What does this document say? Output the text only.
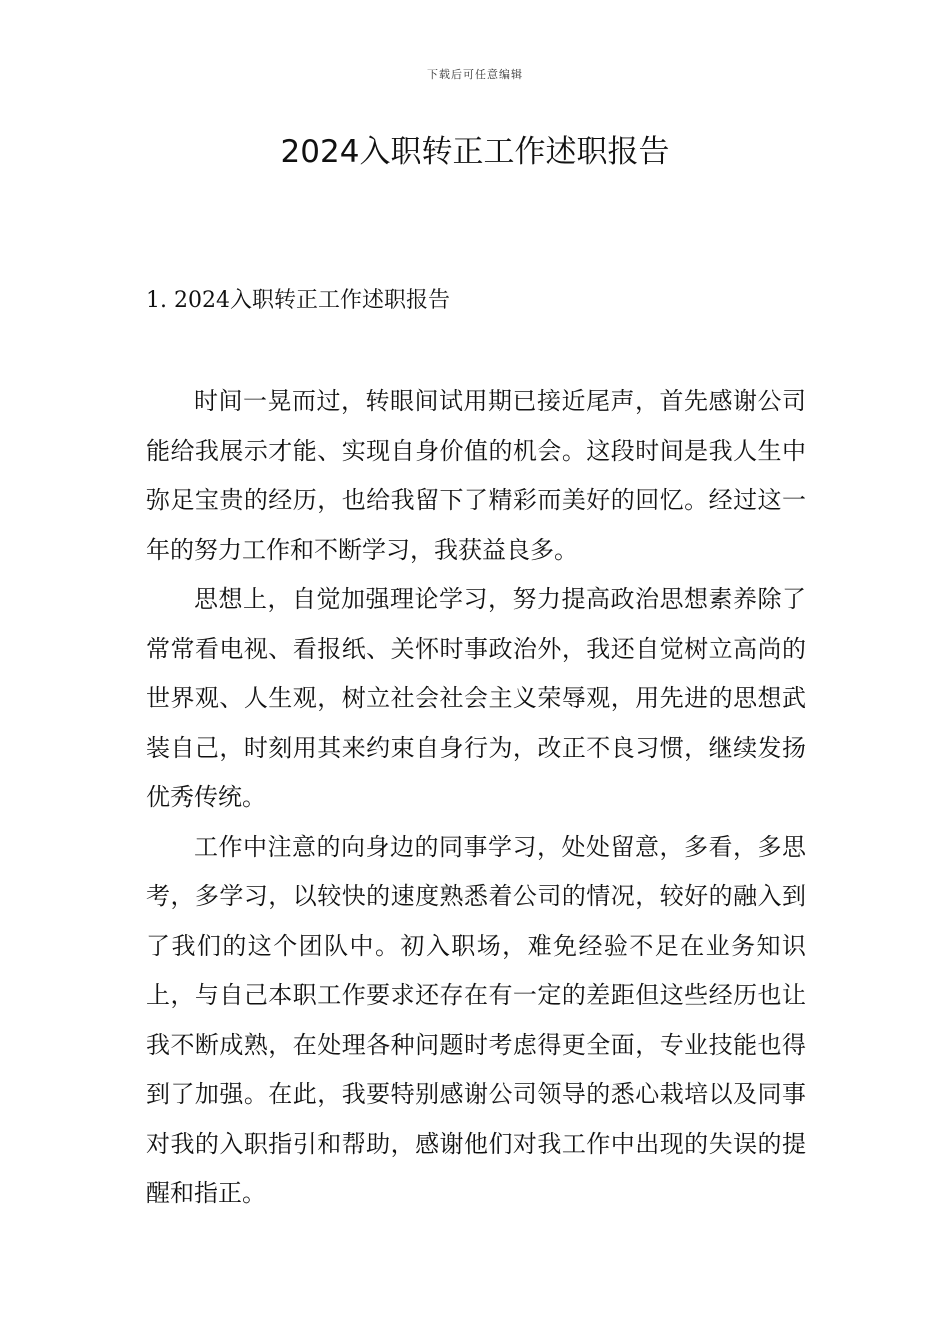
下载后可任意编辑
2024入职转正工作述职报告
1. 2024入职转正工作述职报告

时间一晃而过，转眼间试用期已接近尾声，首先感谢公司能给我展示才能、实现自身价值的机会。这段时间是我人生中弥足宝贵的经历，也给我留下了精彩而美好的回忆。经过这一年的努力工作和不断学习，我获益良多。

思想上，自觉加强理论学习，努力提高政治思想素养除了常常看电视、看报纸、关怀时事政治外，我还自觉树立高尚的世界观、人生观，树立社会社会主义荣辱观，用先进的思想武装自己，时刻用其来约束自身行为，改正不良习惯，继续发扬优秀传统。

工作中注意的向身边的同事学习，处处留意，多看，多思考，多学习，以较快的速度熟悉着公司的情况，较好的融入到了我们的这个团队中。初入职场，难免经验不足在业务知识上，与自己本职工作要求还存在有一定的差距但这些经历也让我不断成熟，在处理各种问题时考虑得更全面，专业技能也得到了加强。在此，我要特别感谢公司领导的悉心栽培以及同事对我的入职指引和帮助，感谢他们对我工作中出现的失误的提醒和指正。
